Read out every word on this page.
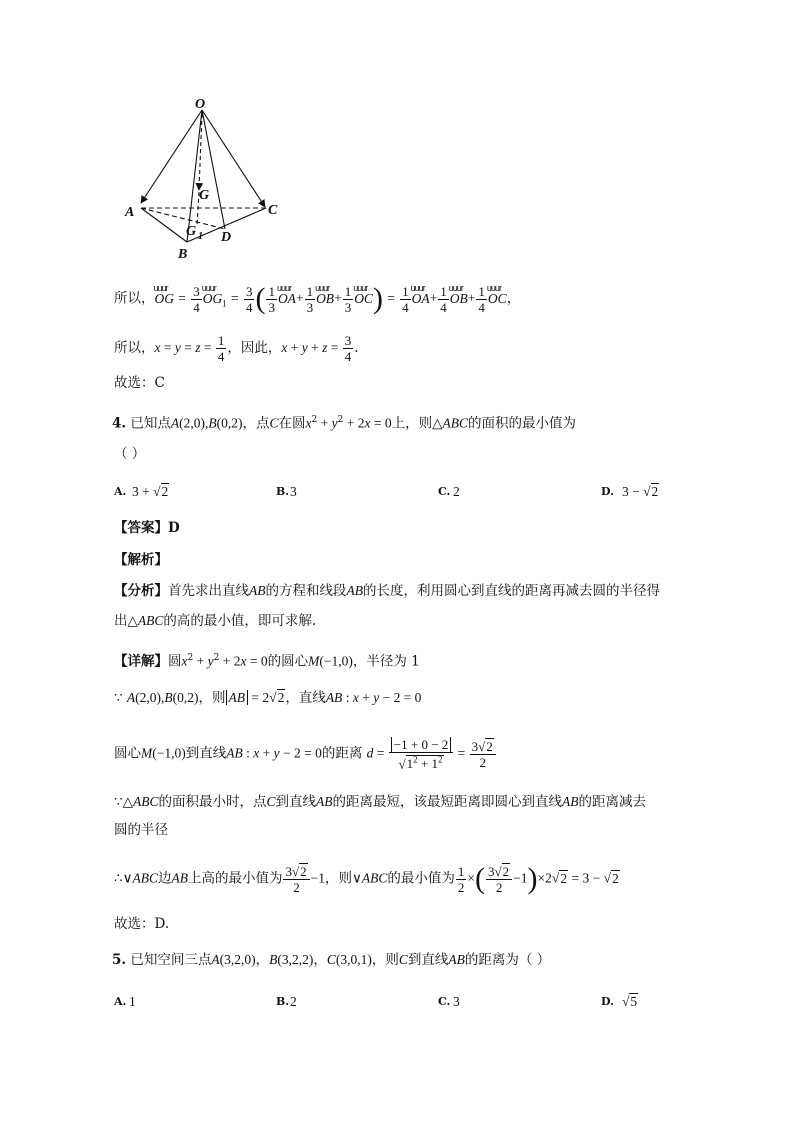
O
G
A	C
G 1 D
B
所以，uuur OG = $\frac{3}{4}$ uuur $OG_1 = \frac{3}{4}$ ( $\frac{1}{3}$ uuur $OA+ \frac{1}{3}$ uuur $OB+ \frac{1}{3}$ uuur $OC) = \frac{1}{4}$ uuur $OA+ \frac{1}{4}$ uuur $OB+ \frac{1}{4}$ uuur OC，
所以，$x = y = z = \frac{1}{4}$ ，因此，$x + y + z = \frac{3}{4}$ .
故选：C
4. 已知点A(2,0),B(0,2)，点C在圆$x^2 + y^2 + 2x = 0$上，则△ABC的面积的最小值为
（ ）
A. 3 + √2	B. 3	C. 2	D. 3 − √2
【答案】D
【解析】
【分析】首先求出直线AB的方程和线段AB的长度，利用圆心到直线的距离再减去圆的半径得
出△ABC的高的最小值，即可求解.
【详解】圆$x^2 + y^2 + 2x = 0$的圆心M(−1,0)，半径为 1
∵ A(2,0),B(0,2)，则 AB = 2√2，直线AB : x + y − 2 = 0
圆心M(−1,0)到直线AB : x + y − 2 = 0的距离 $d = \frac{-1 + 0 - 2}{√1^2 + 1^2} = \frac{3√2}{2}$
∵△ABC的面积最小时，点C到直线AB的距离最短，该最短距离即圆心到直线AB的距离减去
圆的半径
∴∨ABC边AB上高的最小值为 $\frac{3√2}{2} -1$，则∨ABC的最小值为 $\frac{1}{2}$ ×( $\frac{3√2}{2} -1)\times 2√2 = 3 - √2$
故选：D.
5. 已知空间三点A(3,2,0)，B(3,2,2)，C(3,0,1)，则C到直线AB的距离为（ ）
A. 1	B. 2	C. 3	D. √5
